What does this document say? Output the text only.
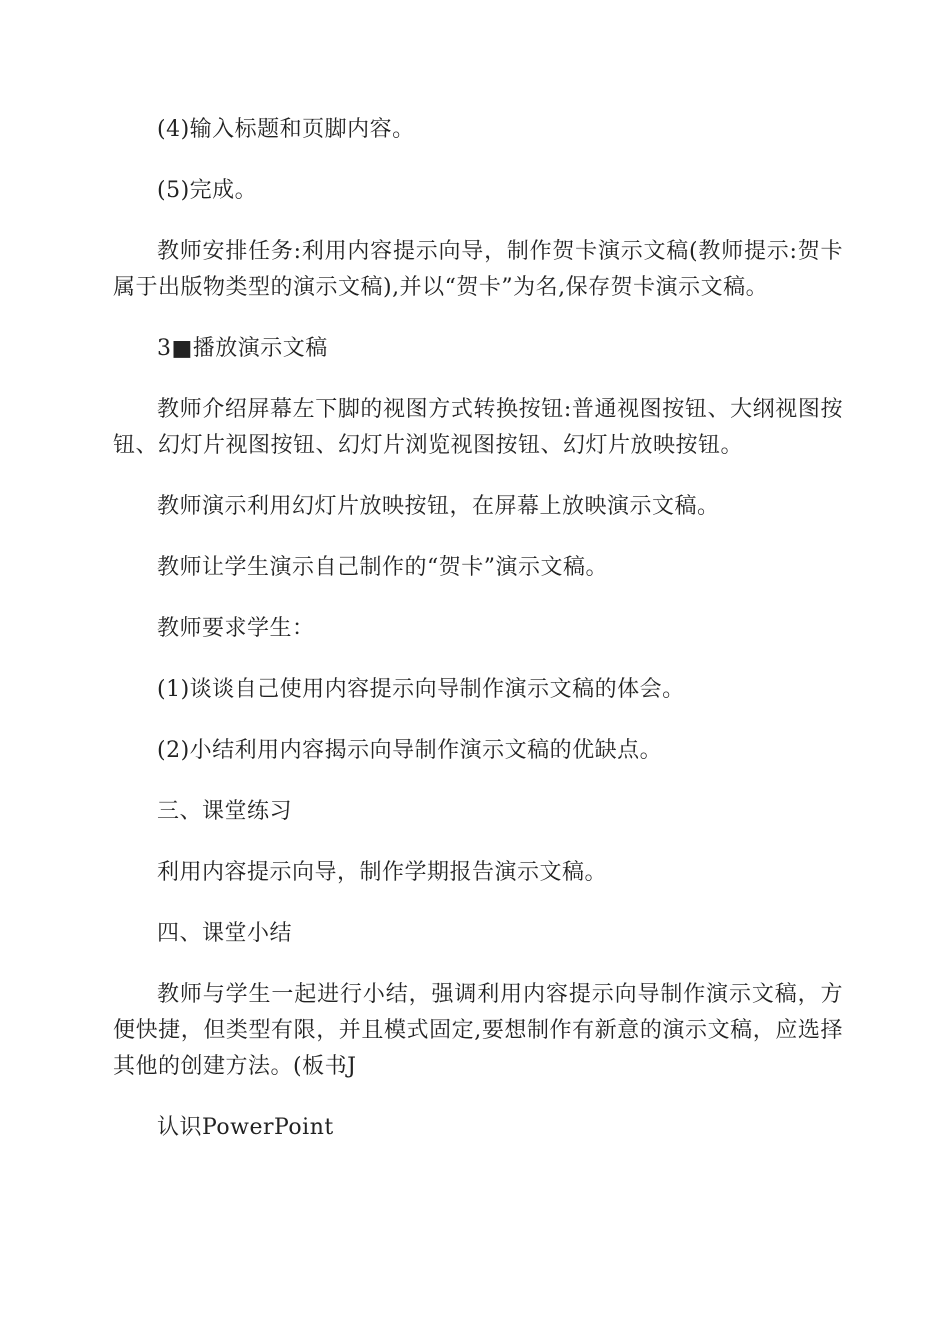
(4)输入标题和页脚内容。

(5)完成。

教师安排任务:利用内容提示向导，制作贺卡演示文稿(教师提示:贺卡属于出版物类型的演示文稿),并以“贺卡”为名,保存贺卡演示文稿。

3■播放演示文稿

教师介绍屏幕左下脚的视图方式转换按钮:普通视图按钮、大纲视图按钮、幻灯片视图按钮、幻灯片浏览视图按钮、幻灯片放映按钮。

教师演示利用幻灯片放映按钮，在屏幕上放映演示文稿。

教师让学生演示自己制作的“贺卡”演示文稿。

教师要求学生：

(1)谈谈自己使用内容提示向导制作演示文稿的体会。

(2)小结利用内容揭示向导制作演示文稿的优缺点。

三、课堂练习

利用内容提示向导，制作学期报告演示文稿。

四、课堂小结

教师与学生一起进行小结，强调利用内容提示向导制作演示文稿，方便快捷，但类型有限，并且模式固定,要想制作有新意的演示文稿，应选择其他的创建方法。(板书J

认识PowerPoint
